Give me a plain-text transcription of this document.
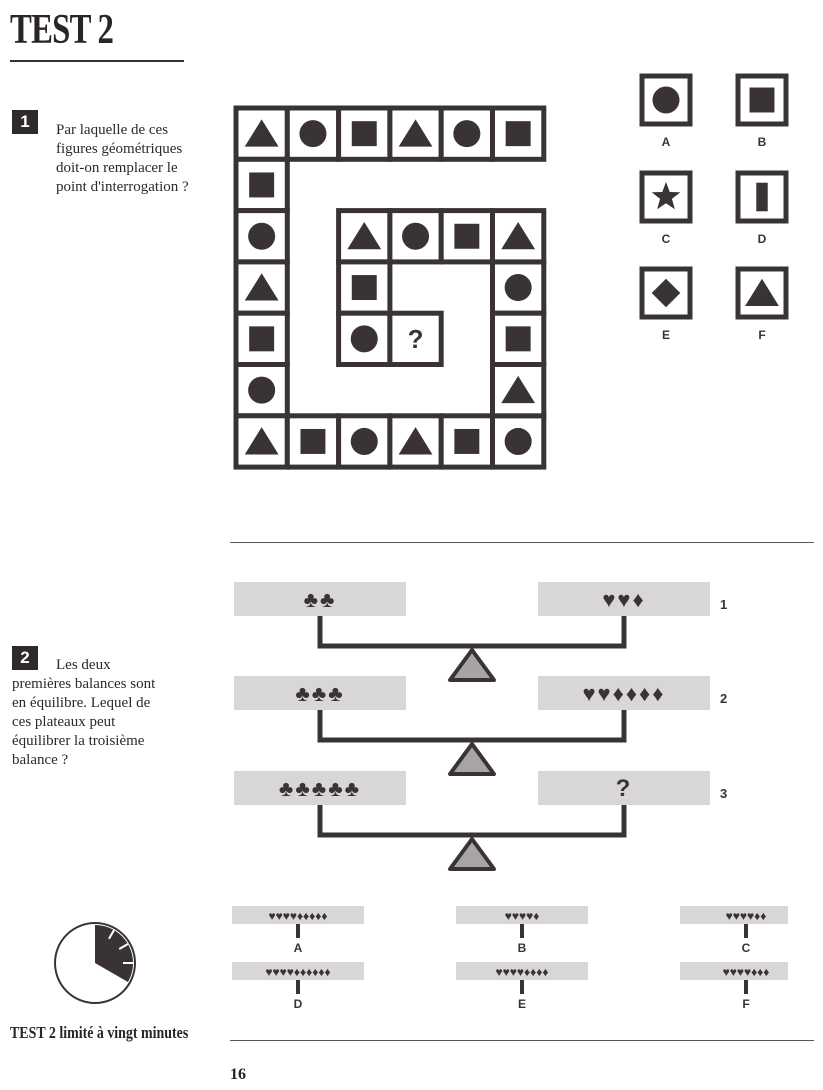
TEST 2
1	Par laquelle de ces
figures géométriques
doit-on remplacer le
point d'interrogation ?
?
A	B
C	D
E	F
2	Les deux
premières balances sont
en équilibre. Lequel de
ces plateaux peut
équilibrer la troisième
balance ?
♣♣	♥♥♦	1
♣♣♣	♥♥♦♦♦♦	2
♣♣♣♣♣	?	3
♥♥♥♥♦♦♦♦♦
A
♥♥♥♥♦
B
♥♥♥♥♦♦
C
♥♥♥♥♦♦♦♦♦♦
D
♥♥♥♥♦♦♦♦
E
♥♥♥♥♦♦♦
F
TEST 2 limité à vingt minutes
16
